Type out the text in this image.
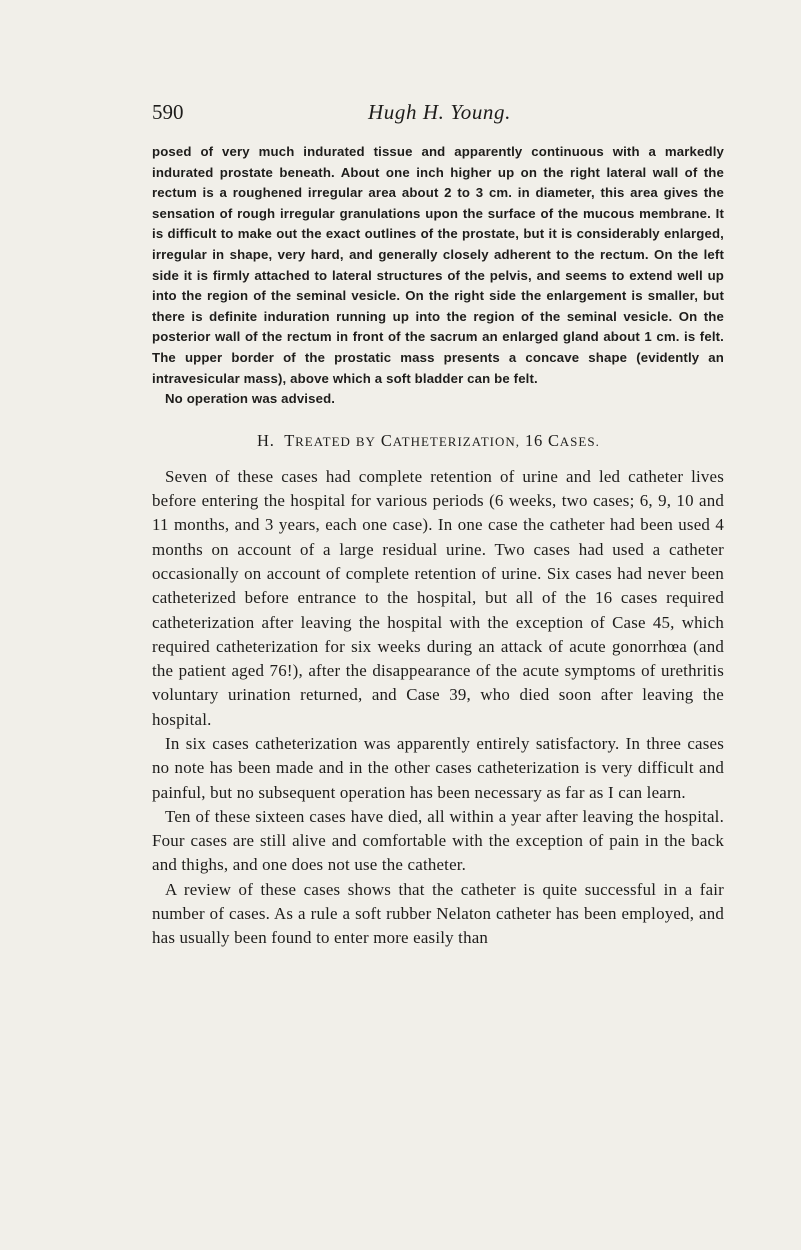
590	Hugh H. Young.

posed of very much indurated tissue and apparently continuous with a markedly indurated prostate beneath. About one inch higher up on the right lateral wall of the rectum is a roughened irregular area about 2 to 3 cm. in diameter, this area gives the sensation of rough irregular granulations upon the surface of the mucous membrane. It is difficult to make out the exact outlines of the prostate, but it is considerably enlarged, irregular in shape, very hard, and generally closely adherent to the rectum. On the left side it is firmly attached to lateral structures of the pelvis, and seems to extend well up into the region of the seminal vesicle. On the right side the enlargement is smaller, but there is definite induration running up into the region of the seminal vesicle. On the posterior wall of the rectum in front of the sacrum an enlarged gland about 1 cm. is felt. The upper border of the prostatic mass presents a concave shape (evidently an intravesicular mass), above which a soft bladder can be felt.

No operation was advised.

H. TREATED BY CATHETERIZATION, 16 CASES.

Seven of these cases had complete retention of urine and led catheter lives before entering the hospital for various periods (6 weeks, two cases; 6, 9, 10 and 11 months, and 3 years, each one case). In one case the catheter had been used 4 months on account of a large residual urine. Two cases had used a catheter occasionally on account of complete retention of urine. Six cases had never been catheterized before entrance to the hospital, but all of the 16 cases required catheterization after leaving the hospital with the exception of Case 45, which required catheterization for six weeks during an attack of acute gonorrhœa (and the patient aged 76!), after the disappearance of the acute symptoms of urethritis voluntary urination returned, and Case 39, who died soon after leaving the hospital.

In six cases catheterization was apparently entirely satisfactory. In three cases no note has been made and in the other cases catheterization is very difficult and painful, but no subsequent operation has been necessary as far as I can learn.

Ten of these sixteen cases have died, all within a year after leaving the hospital. Four cases are still alive and comfortable with the exception of pain in the back and thighs, and one does not use the catheter.

A review of these cases shows that the catheter is quite successful in a fair number of cases. As a rule a soft rubber Nelaton catheter has been employed, and has usually been found to enter more easily than
